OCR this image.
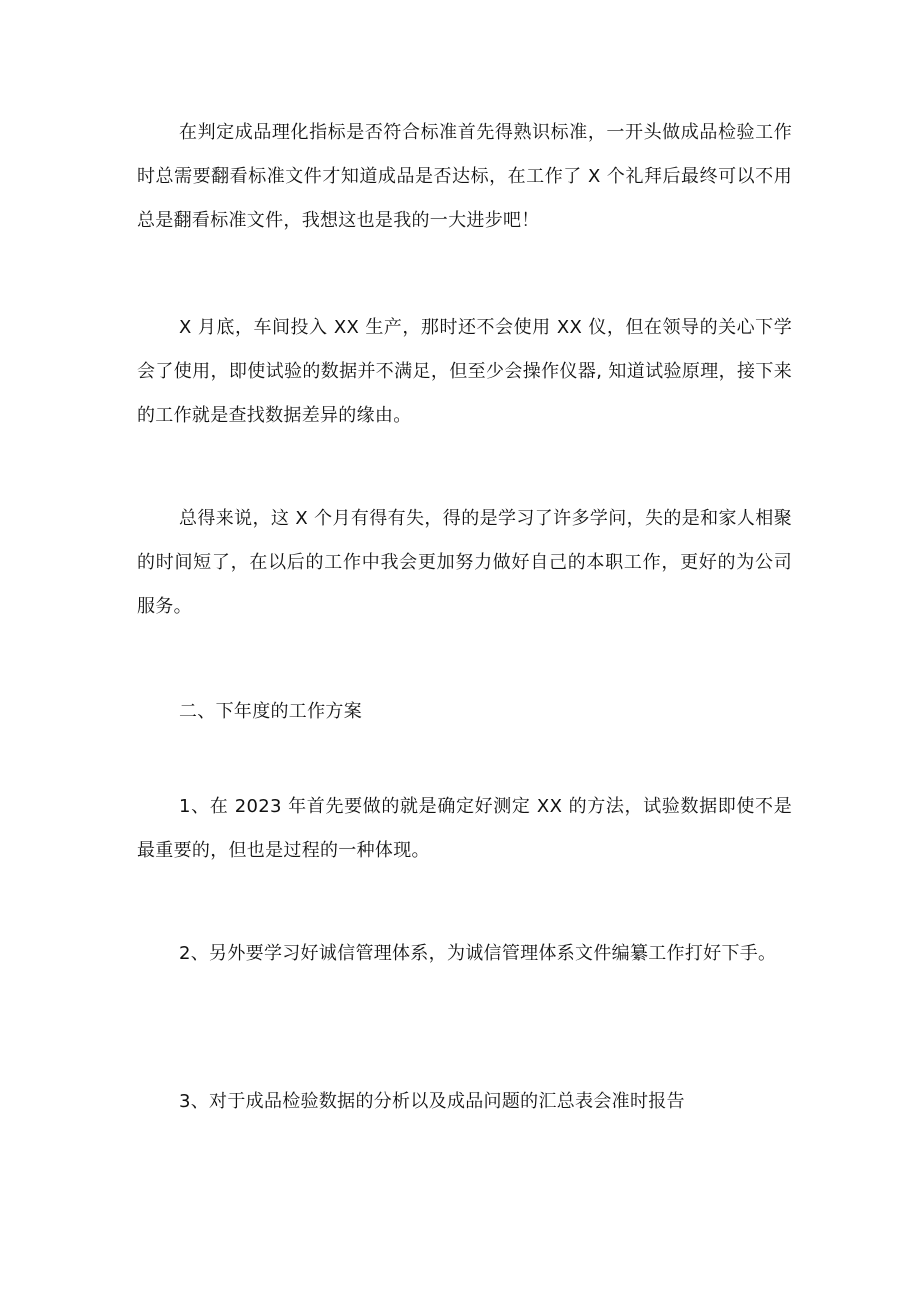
在判定成品理化指标是否符合标准首先得熟识标准，一开头做成品检验工作时总需要翻看标准文件才知道成品是否达标，在工作了 X 个礼拜后最终可以不用总是翻看标准文件，我想这也是我的一大进步吧！

X 月底，车间投入 XX 生产，那时还不会使用 XX 仪，但在领导的关心下学会了使用，即使试验的数据并不满足，但至少会操作仪器, 知道试验原理，接下来的工作就是查找数据差异的缘由。

总得来说，这 X 个月有得有失，得的是学习了许多学问，失的是和家人相聚的时间短了，在以后的工作中我会更加努力做好自己的本职工作，更好的为公司服务。

二、下年度的工作方案

1、在 2023 年首先要做的就是确定好测定 XX 的方法，试验数据即使不是最重要的，但也是过程的一种体现。

2、另外要学习好诚信管理体系，为诚信管理体系文件编纂工作打好下手。

3、对于成品检验数据的分析以及成品问题的汇总表会准时报告
